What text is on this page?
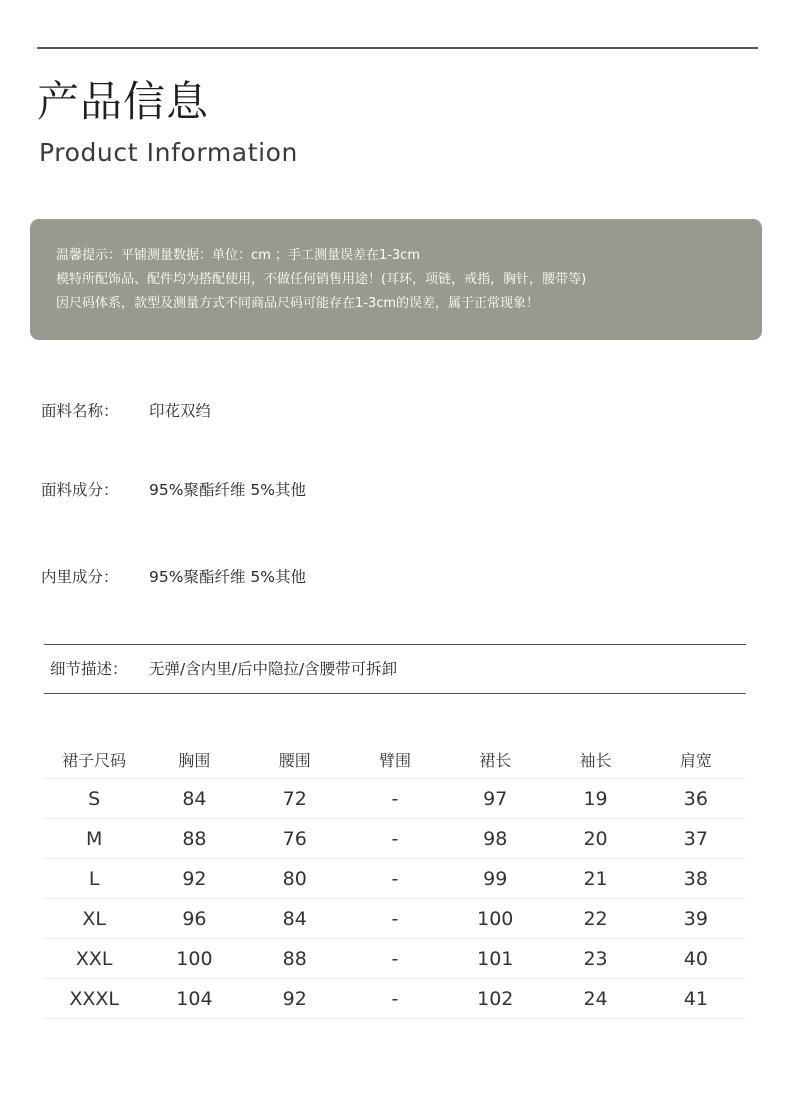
产品信息
Product Information
温馨提示：平铺测量数据：单位：cm ；手工测量误差在1-3cm
模特所配饰品、配件均为搭配使用，不做任何销售用途！(耳环，项链，戒指，胸针，腰带等)
因尺码体系，款型及测量方式不同商品尺码可能存在1-3cm的误差，属于正常现象！
面料名称： 印花双绉
面料成分： 95%聚酯纤维 5%其他
内里成分： 95%聚酯纤维 5%其他
细节描述： 无弹/含内里/后中隐拉/含腰带可拆卸
裙子尺码	胸围	腰围	臂围	裙长	袖长	肩宽
S	84	72	-	97	19	36
M	88	76	-	98	20	37
L	92	80	-	99	21	38
XL	96	84	-	100	22	39
XXL	100	88	-	101	23	40
XXXL	104	92	-	102	24	41
